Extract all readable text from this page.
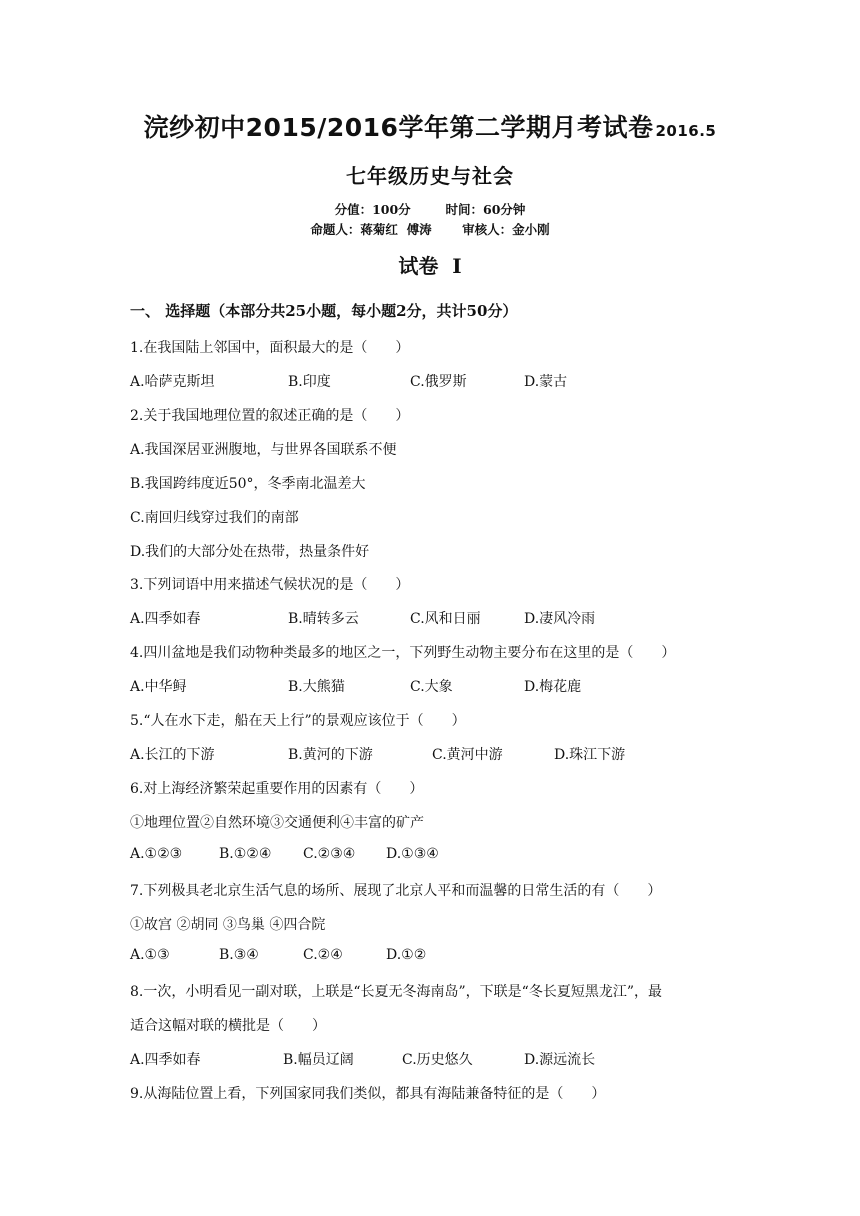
浣纱初中2015/2016学年第二学期月考试卷 2016.5
七年级历史与社会
分值：100分        时间：60分钟
命题人：蒋菊红  傅涛       审核人：金小刚
试卷  Ⅰ
一、 选择题（本部分共25小题，每小题2分，共计50分）
1.在我国陆上邻国中，面积最大的是（　　）
A.哈萨克斯坦	B.印度	C.俄罗斯	D.蒙古
2.关于我国地理位置的叙述正确的是（　　）
A.我国深居亚洲腹地，与世界各国联系不便
B.我国跨纬度近50°，冬季南北温差大
C.南回归线穿过我们的南部
D.我们的大部分处在热带，热量条件好
3.下列词语中用来描述气候状况的是（　　）
A.四季如春	B.晴转多云	C.风和日丽	D.凄风冷雨
4.四川盆地是我们动物种类最多的地区之一，下列野生动物主要分布在这里的是（　　）
A.中华鲟	B.大熊猫	C.大象	D.梅花鹿
5.“人在水下走，船在天上行”的景观应该位于（　　）
A.长江的下游	B.黄河的下游	C.黄河中游	D.珠江下游
6.对上海经济繁荣起重要作用的因素有（　　）
①地理位置②自然环境③交通便利④丰富的矿产
A.①②③	B.①②④ C.②③④ D.①③④
7.下列极具老北京生活气息的场所、展现了北京人平和而温馨的日常生活的有（　　）
①故宫 ②胡同 ③鸟巢 ④四合院
A.①③	B.③④	C.②④	D.①②
8.一次，小明看见一副对联，上联是“长夏无冬海南岛”，下联是“冬长夏短黑龙江”，最
适合这幅对联的横批是（　　）
A.四季如春	B.幅员辽阔	C.历史悠久	D.源远流长
9.从海陆位置上看，下列国家同我们类似，都具有海陆兼备特征的是（　　）
